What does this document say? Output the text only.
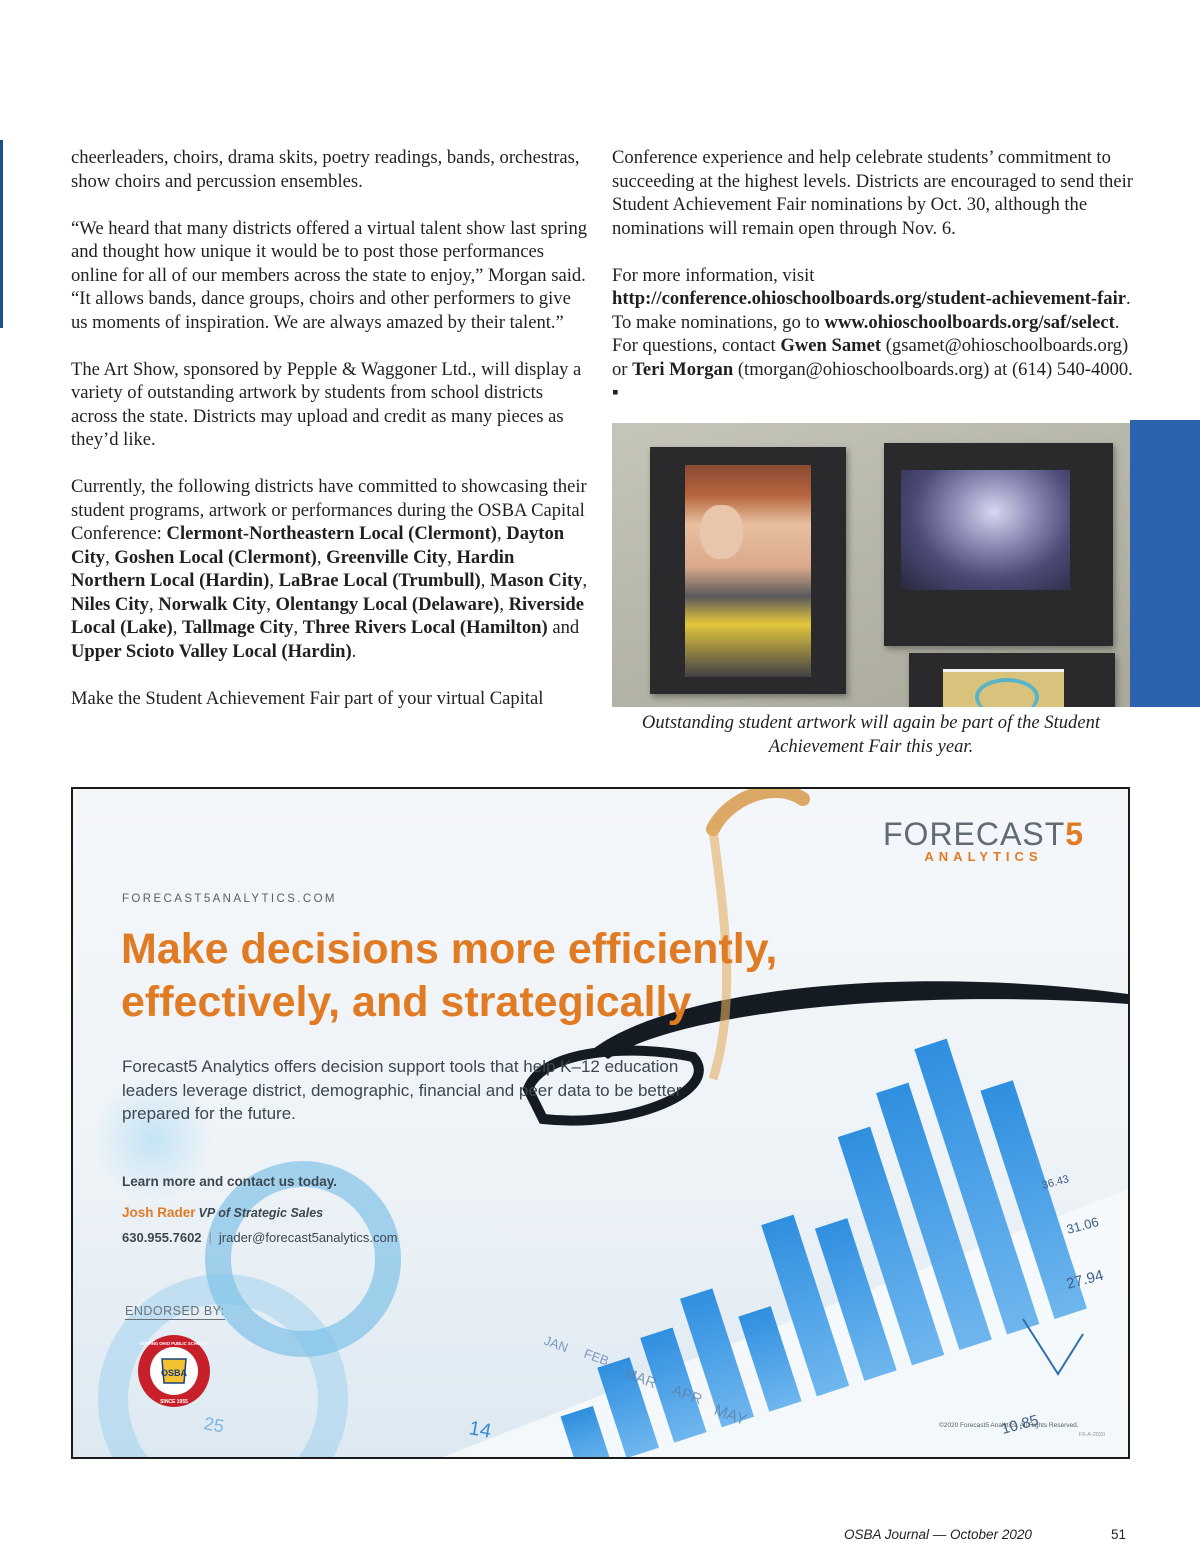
cheerleaders, choirs, drama skits, poetry readings, bands, orchestras, show choirs and percussion ensembles.

“We heard that many districts offered a virtual talent show last spring and thought how unique it would be to post those performances online for all of our members across the state to enjoy,” Morgan said. “It allows bands, dance groups, choirs and other performers to give us moments of inspiration. We are always amazed by their talent.”

The Art Show, sponsored by Pepple & Waggoner Ltd., will display a variety of outstanding artwork by students from school districts across the state. Districts may upload and credit as many pieces as they’d like.

Currently, the following districts have committed to showcasing their student programs, artwork or performances during the OSBA Capital Conference: Clermont-Northeastern Local (Clermont), Dayton City, Goshen Local (Clermont), Greenville City, Hardin Northern Local (Hardin), LaBrae Local (Trumbull), Mason City, Niles City, Norwalk City, Olentangy Local (Delaware), Riverside Local (Lake), Tallmage City, Three Rivers Local (Hamilton) and Upper Scioto Valley Local (Hardin).

Make the Student Achievement Fair part of your virtual Capital

Conference experience and help celebrate students’ commitment to succeeding at the highest levels. Districts are encouraged to send their Student Achievement Fair nominations by Oct. 30, although the nominations will remain open through Nov. 6.

For more information, visit http://conference.ohioschoolboards.org/student-achievement-fair. To make nominations, go to www.ohioschoolboards.org/saf/select. For questions, contact Gwen Samet (gsamet@ohioschoolboards.org) or Teri Morgan (tmorgan@ohioschoolboards.org) at (614) 540-4000. ▪

Outstanding student artwork will again be part of the Student Achievement Fair this year.
FORECAST5
ANALYTICS
FORECAST5ANALYTICS.COM
Make decisions more efficiently, effectively, and strategically
Forecast5 Analytics offers decision support tools that help K–12 education leaders leverage district, demographic, financial and peer data to be better prepared for the future.
Learn more and contact us today.
Josh Rader VP of Strategic Sales
630.955.7602 | jrader@forecast5analytics.com
ENDORSED BY:
OSBA
SERVING OHIO PUBLIC SCHOOLS
SINCE 1955
JAN
FEB
MAR
APR
MAY
36.43
31.06
27.94
10.85
14
25	©2020 Forecast5 Analytics. All Rights Reserved.
F5-A-2020
OSBA Journal — October 2020	51
